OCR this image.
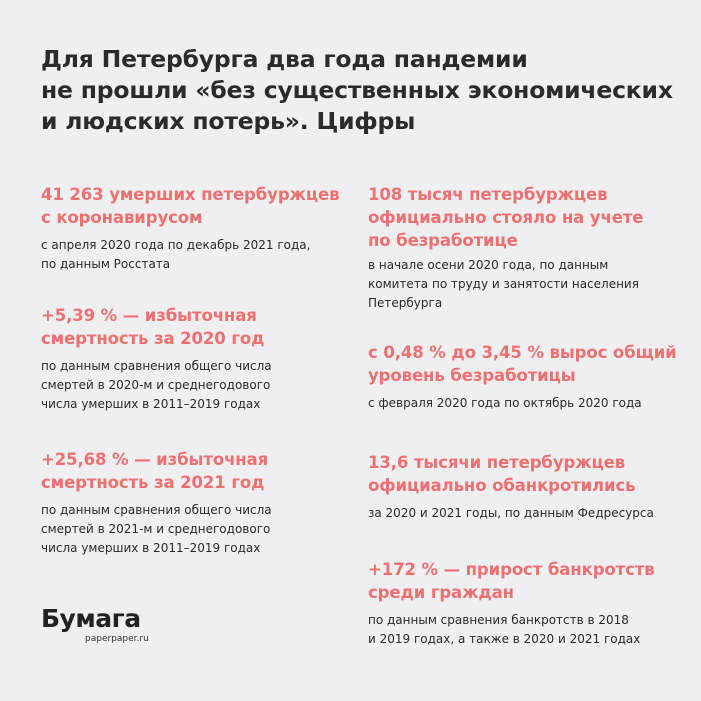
Для Петербурга два года пандемии
не прошли «без существенных экономических
и людских потерь». Цифры
41 263 умерших петербуржцев
с коронавирусом
с апреля 2020 года по декабрь 2021 года,
по данным Росстата
+5,39 % — избыточная
смертность за 2020 год
по данным сравнения общего числа
смертей в 2020-м и среднегодового
числа умерших в 2011–2019 годах
+25,68 % — избыточная
смертность за 2021 год
по данным сравнения общего числа
смертей в 2021-м и среднегодового
числа умерших в 2011–2019 годах
108 тысяч петербуржцев
официально стояло на учете
по безработице
в начале осени 2020 года, по данным
комитета по труду и занятости населения
Петербурга
с 0,48 % до 3,45 % вырос общий
уровень безработицы
с февраля 2020 года по октябрь 2020 года
13,6 тысячи петербуржцев
официально обанкротились
за 2020 и 2021 годы, по данным Федресурса
+172 % — прирост банкротств
среди граждан
по данным сравнения банкротств в 2018
и 2019 годах, а также в 2020 и 2021 годах
Бумага
paperpaper.ru
